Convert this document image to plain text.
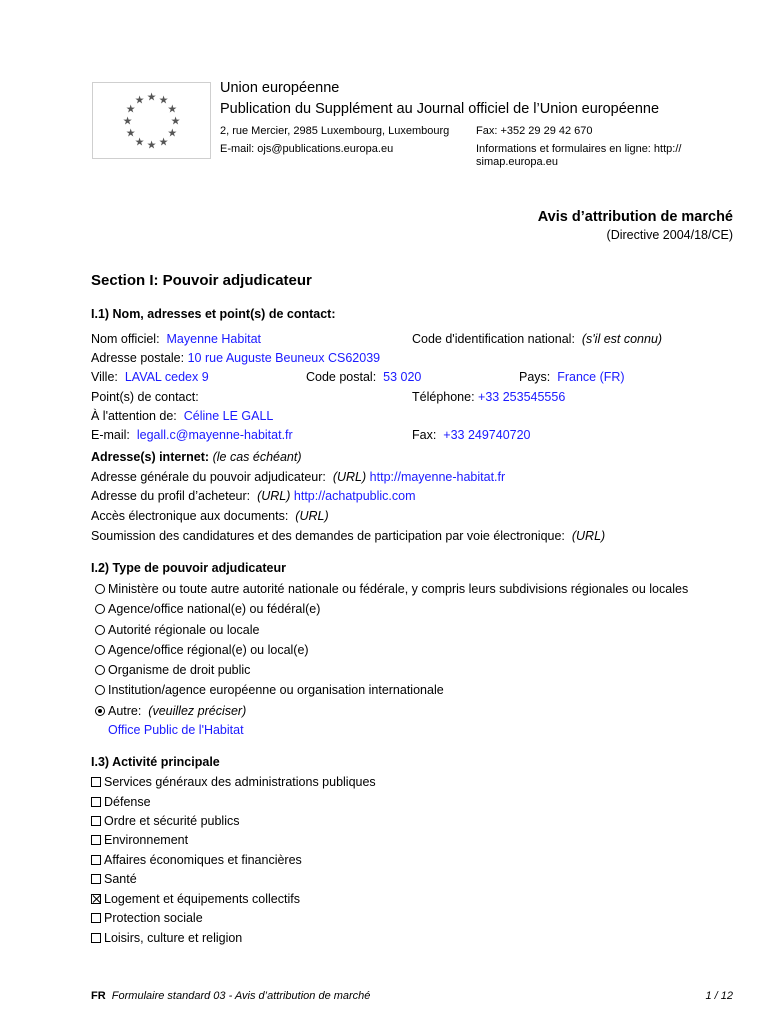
★ ★
★
★
★
★
★
★
★
★
★
★
Union européenne
Publication du Supplément au Journal officiel de l’Union européenne
2, rue Mercier, 2985 Luxembourg, Luxembourg Fax: +352 29 29 42 670
E-mail: ojs@publications.europa.eu	Informations et formulaires en ligne: http://
simap.europa.eu
Avis d’attribution de marché
(Directive 2004/18/CE)
Section I: Pouvoir adjudicateur
I.1) Nom, adresses et point(s) de contact:
Nom officiel: Mayenne Habitat	Code d'identification national: (s'il est connu)
Adresse postale: 10 rue Auguste Beuneux CS62039
Ville: LAVAL cedex 9	Code postal: 53 020	Pays: France (FR)
Point(s) de contact:	Téléphone: +33 253545556
À l'attention de: Céline LE GALL
E-mail: legall.c@mayenne-habitat.fr	Fax: +33 249740720
Adresse(s) internet: (le cas échéant)
Adresse générale du pouvoir adjudicateur: (URL) http://mayenne-habitat.fr
Adresse du profil d’acheteur: (URL) http://achatpublic.com
Accès électronique aux documents: (URL)
Soumission des candidatures et des demandes de participation par voie électronique: (URL)
I.2) Type de pouvoir adjudicateur
Ministère ou toute autre autorité nationale ou fédérale, y compris leurs subdivisions régionales ou locales
Agence/office national(e) ou fédéral(e)
Autorité régionale ou locale
Agence/office régional(e) ou local(e)
Organisme de droit public
Institution/agence européenne ou organisation internationale
Autre:  (veuillez préciser)
Office Public de l'Habitat
I.3) Activité principale
Services généraux des administrations publiques
Défense
Ordre et sécurité publics
Environnement
Affaires économiques et financières
Santé
Logement et équipements collectifs
Protection sociale
Loisirs, culture et religion
FR Formulaire standard 03 - Avis d’attribution de marché	1 / 12
